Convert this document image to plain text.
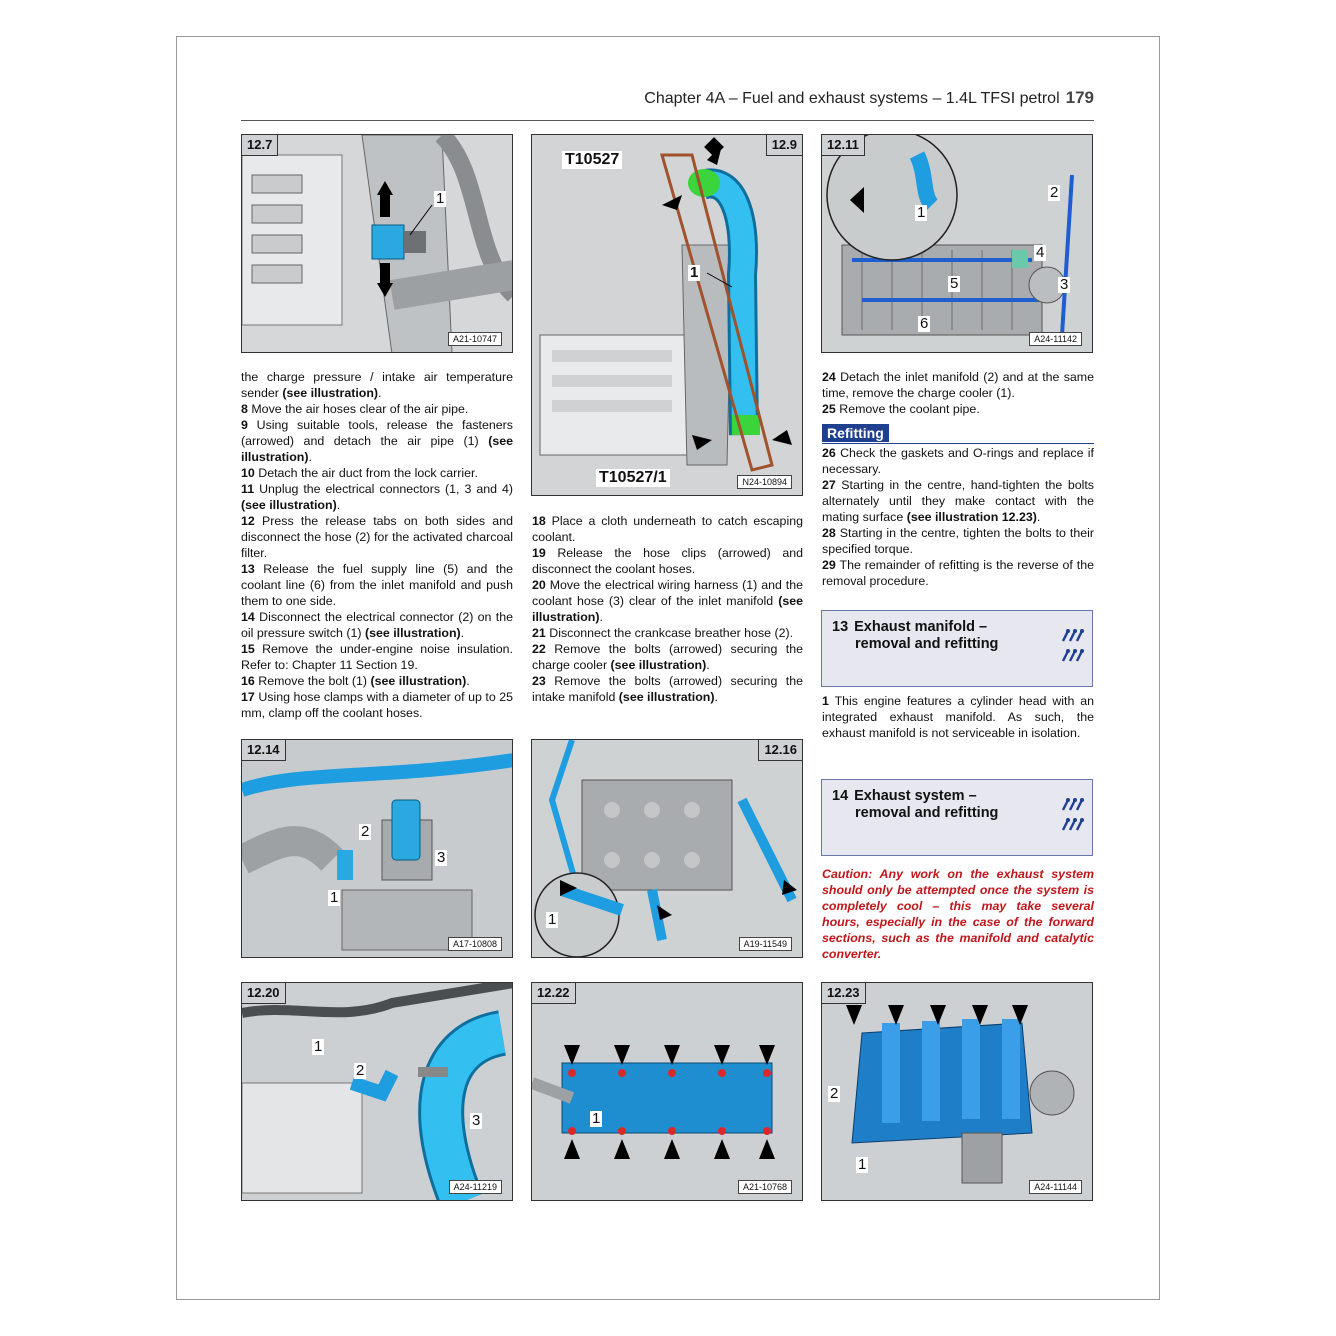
Chapter 4A – Fuel and exhaust systems – 1.4L TFSI petrol 179
12.7
1
A21-10747
12.9
T10527
T10527/1
1
N24-10894
12.11
1
2
3
4
5
6
A24-11142

the charge pressure / intake air temperature sender (see illustration).

8 Move the air hoses clear of the air pipe.

9 Using suitable tools, release the fasteners (arrowed) and detach the air pipe (1) (see illustration).

10 Detach the air duct from the lock carrier.

11 Unplug the electrical connectors (1, 3 and 4) (see illustration).

12 Press the release tabs on both sides and disconnect the hose (2) for the activated charcoal filter.

13 Release the fuel supply line (5) and the coolant line (6) from the inlet manifold and push them to one side.

14 Disconnect the electrical connector (2) on the oil pressure switch (1) (see illustration).

15 Remove the under-engine noise insulation. Refer to: Chapter 11 Section 19.

16 Remove the bolt (1) (see illustration).

17 Using hose clamps with a diameter of up to 25 mm, clamp off the coolant hoses.

18 Place a cloth underneath to catch escaping coolant.

19 Release the hose clips (arrowed) and disconnect the coolant hoses.

20 Move the electrical wiring harness (1) and the coolant hose (3) clear of the inlet manifold (see illustration).

21 Disconnect the crankcase breather hose (2).

22 Remove the bolts (arrowed) securing the charge cooler (see illustration).

23 Remove the bolts (arrowed) securing the intake manifold (see illustration).

24 Detach the inlet manifold (2) and at the same time, remove the charge cooler (1).

25 Remove the coolant pipe.

Refitting

26 Check the gaskets and O-rings and replace if necessary.

27 Starting in the centre, hand-tighten the bolts alternately until they make contact with the mating surface (see illustration 12.23).

28 Starting in the centre, tighten the bolts to their specified torque.

29 The remainder of refitting is the reverse of the removal procedure.

13 Exhaust manifold –
removal and refitting

1 This engine features a cylinder head with an integrated exhaust manifold. As such, the exhaust manifold is not serviceable in isolation.

14 Exhaust system –
removal and refitting
Caution: Any work on the exhaust system should only be attempted once the system is completely cool – this may take several hours, especially in the case of the forward sections, such as the manifold and catalytic converter.
12.14
1
2
3
A17-10808
12.16
1
A19-11549
12.20
1
2
3
A24-11219
12.22
1
A21-10768
12.23
1
2
A24-11144
